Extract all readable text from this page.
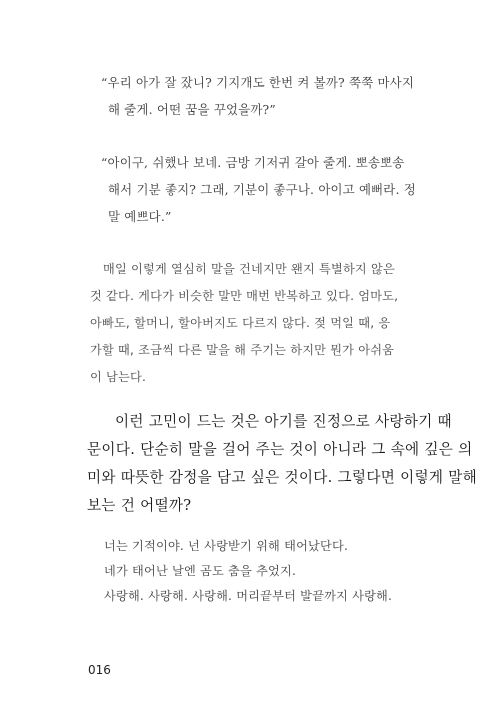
“우리 아가 잘 잤니? 기지개도 한번 켜 볼까? 쭉쭉 마사지
해 줄게. 어떤 꿈을 꾸었을까?”
“아이구, 쉬했나 보네. 금방 기저귀 갈아 줄게. 뽀송뽀송
해서 기분 좋지? 그래, 기분이 좋구나. 아이고 예뻐라. 정
말 예쁘다.”
매일 이렇게 열심히 말을 건네지만 왠지 특별하지 않은
것 같다. 게다가 비슷한 말만 매번 반복하고 있다. 엄마도,
아빠도, 할머니, 할아버지도 다르지 않다. 젖 먹일 때, 응
가할 때, 조금씩 다른 말을 해 주기는 하지만 뭔가 아쉬움
이 남는다.
이런 고민이 드는 것은 아기를 진정으로 사랑하기 때
문이다. 단순히 말을 걸어 주는 것이 아니라 그 속에 깊은 의
미와 따뜻한 감정을 담고 싶은 것이다. 그렇다면 이렇게 말해
보는 건 어떨까?
너는 기적이야. 넌 사랑받기 위해 태어났단다.
네가 태어난 날엔 곰도 춤을 추었지.
사랑해. 사랑해. 사랑해. 머리끝부터 발끝까지 사랑해.
016
